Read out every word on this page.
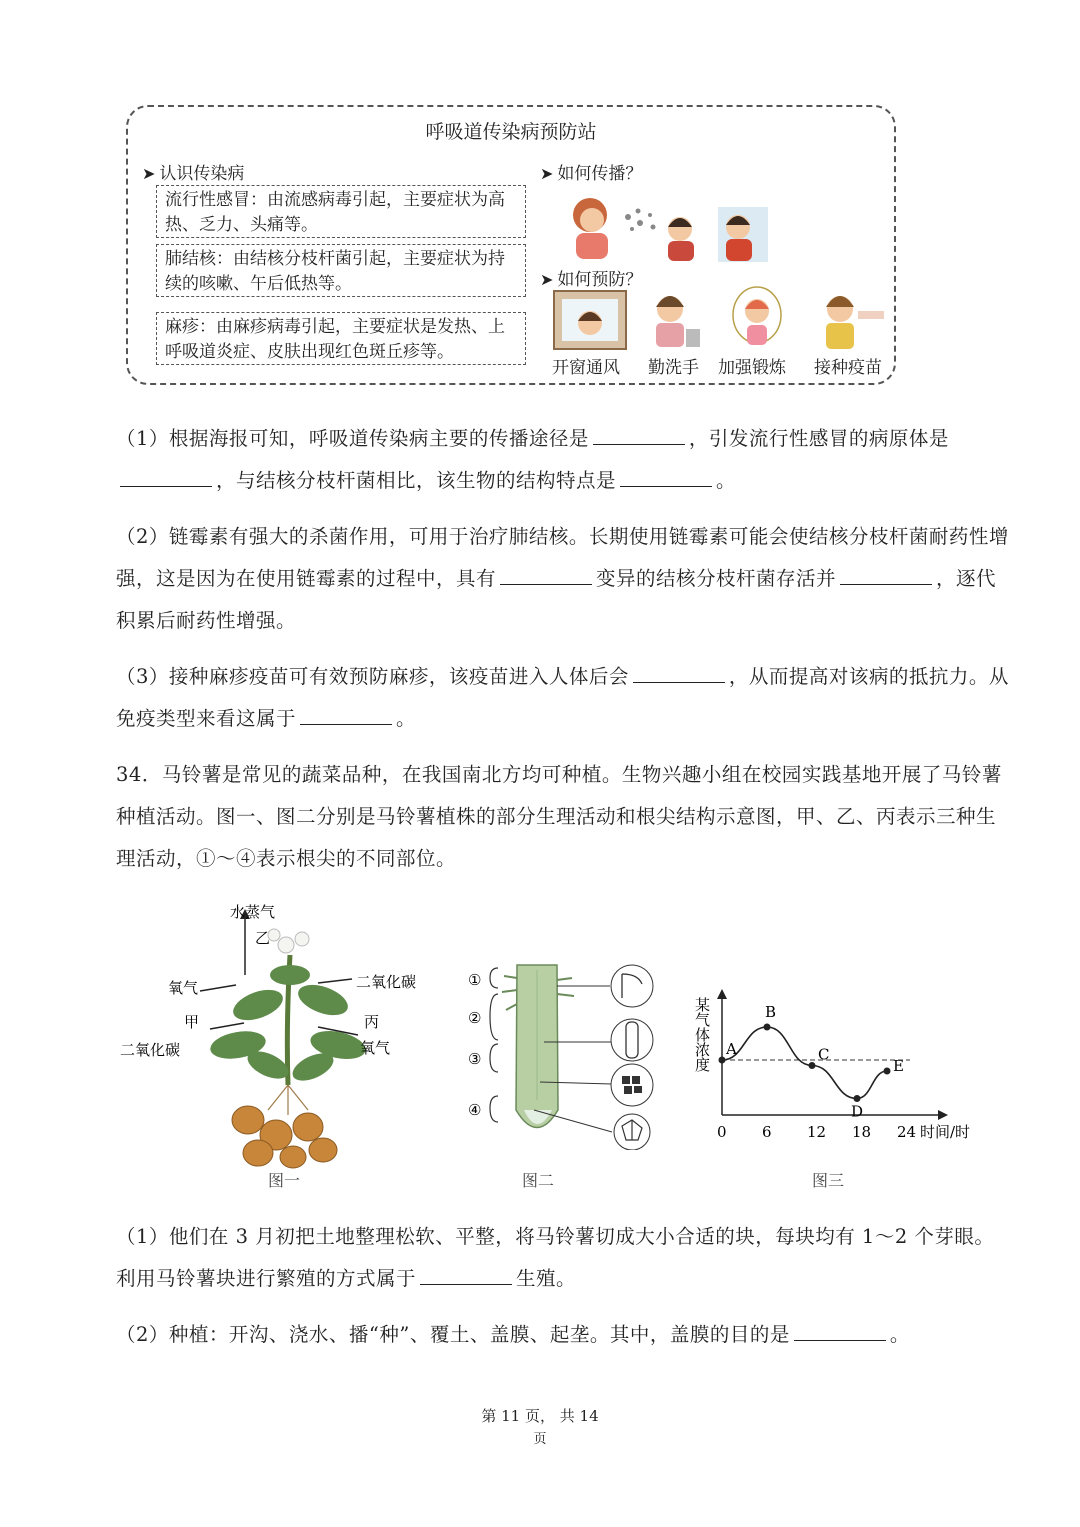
呼吸道传染病预防站
➤ 认识传染病
流行性感冒：由流感病毒引起，主要症状为高热、乏力、头痛等。
肺结核：由结核分枝杆菌引起，主要症状为持续的咳嗽、午后低热等。
麻疹：由麻疹病毒引起，主要症状是发热、上呼吸道炎症、皮肤出现红色斑丘疹等。
➤ 如何传播？
➤ 如何预防？
开窗通风 勤洗手 加强锻炼 接种疫苗
（1）根据海报可知，呼吸道传染病主要的传播途径是	，引发流行性感冒的病原体是，与结核分枝杆菌相比，该生物的结构特点是	。
（2）链霉素有强大的杀菌作用，可用于治疗肺结核。长期使用链霉素可能会使结核分枝杆菌耐药性增强，这是因为在使用链霉素的过程中，具有	变异的结核分枝杆菌存活并	，逐代积累后耐药性增强。
（3）接种麻疹疫苗可有效预防麻疹，该疫苗进入人体后会	，从而提高对该病的抵抗力。从免疫类型来看这属于	。
34．马铃薯是常见的蔬菜品种，在我国南北方均可种植。生物兴趣小组在校园实践基地开展了马铃薯种植活动。图一、图二分别是马铃薯植株的部分生理活动和根尖结构示意图，甲、乙、丙表示三种生理活动，①～④表示根尖的不同部位。
水蒸气
乙
氧气
甲
二氧化碳
二氧化碳
丙
氧气
图一
①
②
③
④
图二
某气体浓度 A
B
C
D
E
0 6 12 18 24 时间/时
图三
（1）他们在 3 月初把土地整理松软、平整，将马铃薯切成大小合适的块，每块均有 1～2 个芽眼。利用马铃薯块进行繁殖的方式属于	生殖。
（2）种植：开沟、浇水、播“种”、覆土、盖膜、起垄。其中，盖膜的目的是	。
第 11 页， 共 14
页
